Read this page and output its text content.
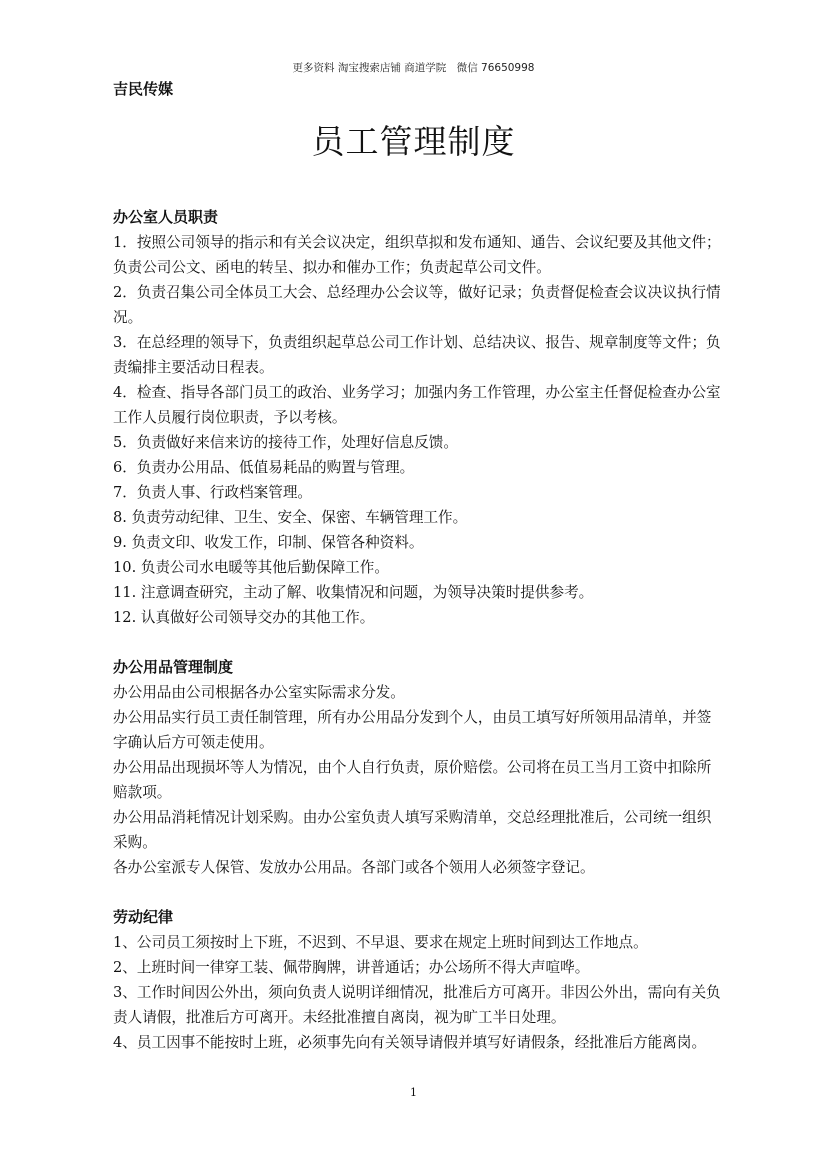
更多资料 淘宝搜索店铺 商道学院　微信 76650998
吉民传媒
员工管理制度
办公室人员职责

1．按照公司领导的指示和有关会议决定，组织草拟和发布通知、通告、会议纪要及其他文件；负责公司公文、函电的转呈、拟办和催办工作；负责起草公司文件。

2．负责召集公司全体员工大会、总经理办公会议等，做好记录；负责督促检查会议决议执行情况。

3．在总经理的领导下，负责组织起草总公司工作计划、总结决议、报告、规章制度等文件；负责编排主要活动日程表。

4．检查、指导各部门员工的政治、业务学习；加强内务工作管理，办公室主任督促检查办公室工作人员履行岗位职责，予以考核。

5．负责做好来信来访的接待工作，处理好信息反馈。

6．负责办公用品、低值易耗品的购置与管理。

7．负责人事、行政档案管理。

8. 负责劳动纪律、卫生、安全、保密、车辆管理工作。

9. 负责文印、收发工作，印制、保管各种资料。

10. 负责公司水电暖等其他后勤保障工作。

11. 注意调查研究，主动了解、收集情况和问题，为领导决策时提供参考。

12. 认真做好公司领导交办的其他工作。

办公用品管理制度

办公用品由公司根据各办公室实际需求分发。

办公用品实行员工责任制管理，所有办公用品分发到个人，由员工填写好所领用品清单，并签字确认后方可领走使用。

办公用品出现损坏等人为情况，由个人自行负责，原价赔偿。公司将在员工当月工资中扣除所赔款项。

办公用品消耗情况计划采购。由办公室负责人填写采购清单，交总经理批准后，公司统一组织采购。

各办公室派专人保管、发放办公用品。各部门或各个领用人必须签字登记。

劳动纪律

1、公司员工须按时上下班，不迟到、不早退、要求在规定上班时间到达工作地点。

2、上班时间一律穿工装、佩带胸牌，讲普通话；办公场所不得大声喧哗。

3、工作时间因公外出，须向负责人说明详细情况，批准后方可离开。非因公外出，需向有关负责人请假，批准后方可离开。未经批准擅自离岗，视为旷工半日处理。

4、员工因事不能按时上班，必须事先向有关领导请假并填写好请假条，经批准后方能离岗。

1
